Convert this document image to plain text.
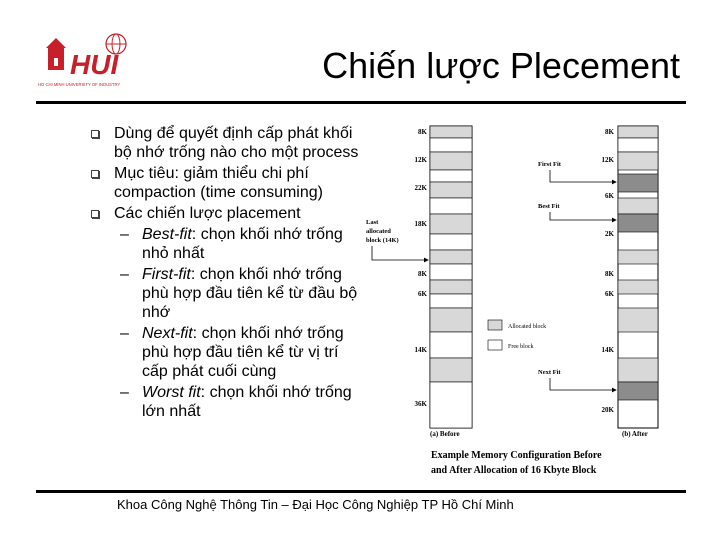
HUI
HO CHI MINH UNIVERSITY OF INDUSTRY	Chiến lược Plecement
Dùng để quyết định cấp phát khối bộ nhớ trống nào cho một process
Mục tiêu: giảm thiểu chi phí compaction (time consuming)
Các chiến lược placement
– Best-fit: chọn khối nhớ trống nhỏ nhất
– First-fit: chọn khối nhớ trống phù hợp đầu tiên kể từ đầu bộ nhớ
– Next-fit: chọn khối nhớ trống phù hợp đầu tiên kể từ vị trí cấp phát cuối cùng
– Worst fit: chọn khối nhớ trống lớn nhất
8K
12K
22K
18K
8K
6K
14K
36K
Last
allocated
block (14K)
8K
12K
6K
2K
8K
6K
14K
20K
First Fit
Best Fit
Next Fit
Allocated block
Free block
(a) Before	(b) After
Example Memory Configuration Before
and After Allocation of 16 Kbyte Block
Khoa Công Nghệ Thông Tin – Đại Học Công Nghiệp TP Hồ Chí Minh
